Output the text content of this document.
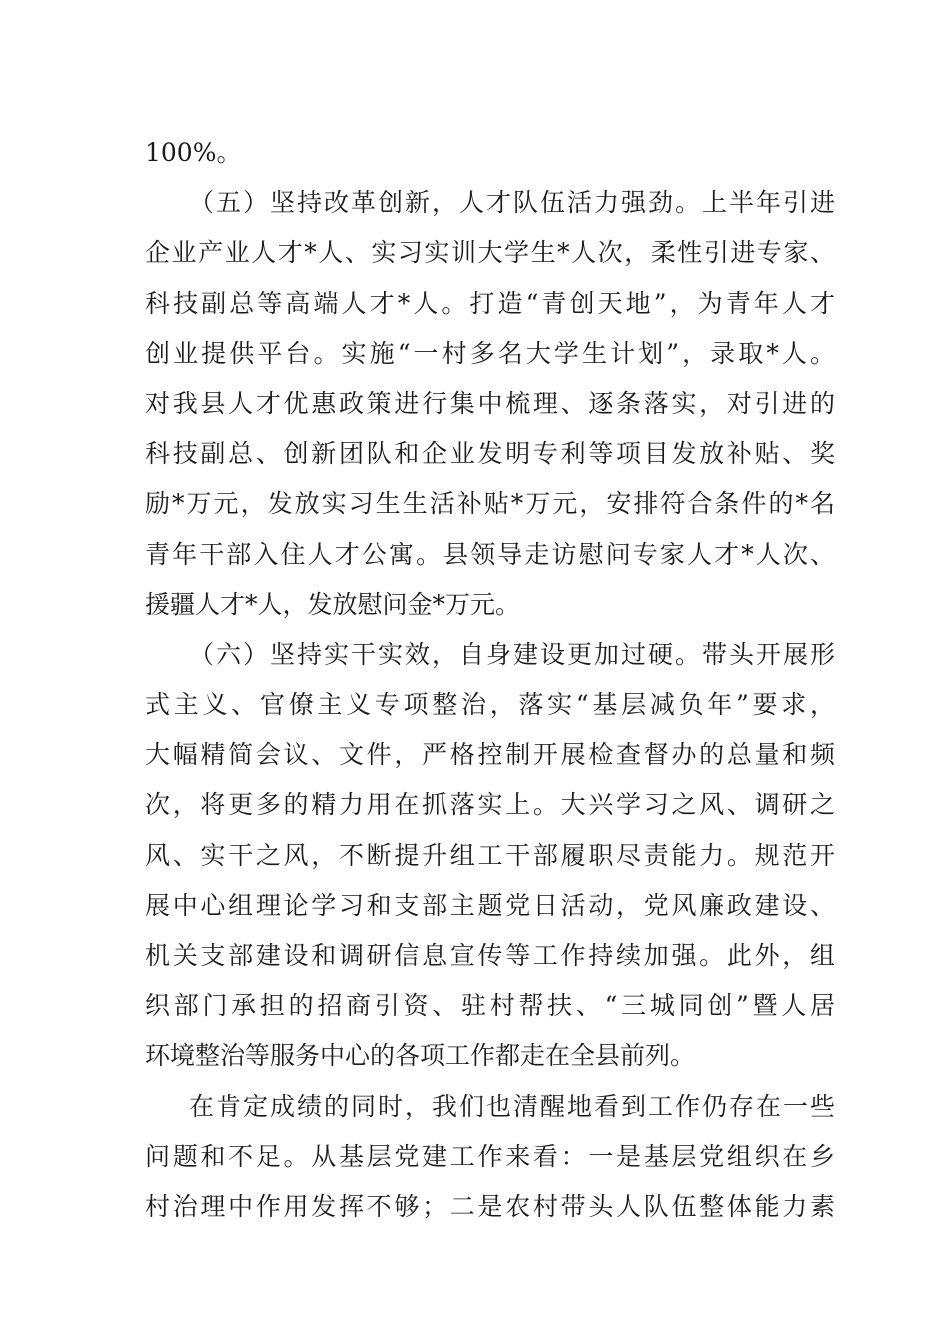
100%。
（五）坚持改革创新，人才队伍活力强劲。上半年引进
企业产业人才*人、实习实训大学生*人次，柔性引进专家、
科技副总等高端人才*人。打造“青创天地”，为青年人才
创业提供平台。实施“一村多名大学生计划”，录取*人。
对我县人才优惠政策进行集中梳理、逐条落实，对引进的
科技副总、创新团队和企业发明专利等项目发放补贴、奖
励*万元，发放实习生生活补贴*万元，安排符合条件的*名
青年干部入住人才公寓。县领导走访慰问专家人才*人次、
援疆人才*人，发放慰问金*万元。
（六）坚持实干实效，自身建设更加过硬。带头开展形
式主义、官僚主义专项整治，落实“基层减负年”要求，
大幅精简会议、文件，严格控制开展检查督办的总量和频
次，将更多的精力用在抓落实上。大兴学习之风、调研之
风、实干之风，不断提升组工干部履职尽责能力。规范开
展中心组理论学习和支部主题党日活动，党风廉政建设、
机关支部建设和调研信息宣传等工作持续加强。此外，组
织部门承担的招商引资、驻村帮扶、“三城同创”暨人居
环境整治等服务中心的各项工作都走在全县前列。
在肯定成绩的同时，我们也清醒地看到工作仍存在一些
问题和不足。从基层党建工作来看：一是基层党组织在乡
村治理中作用发挥不够；二是农村带头人队伍整体能力素
